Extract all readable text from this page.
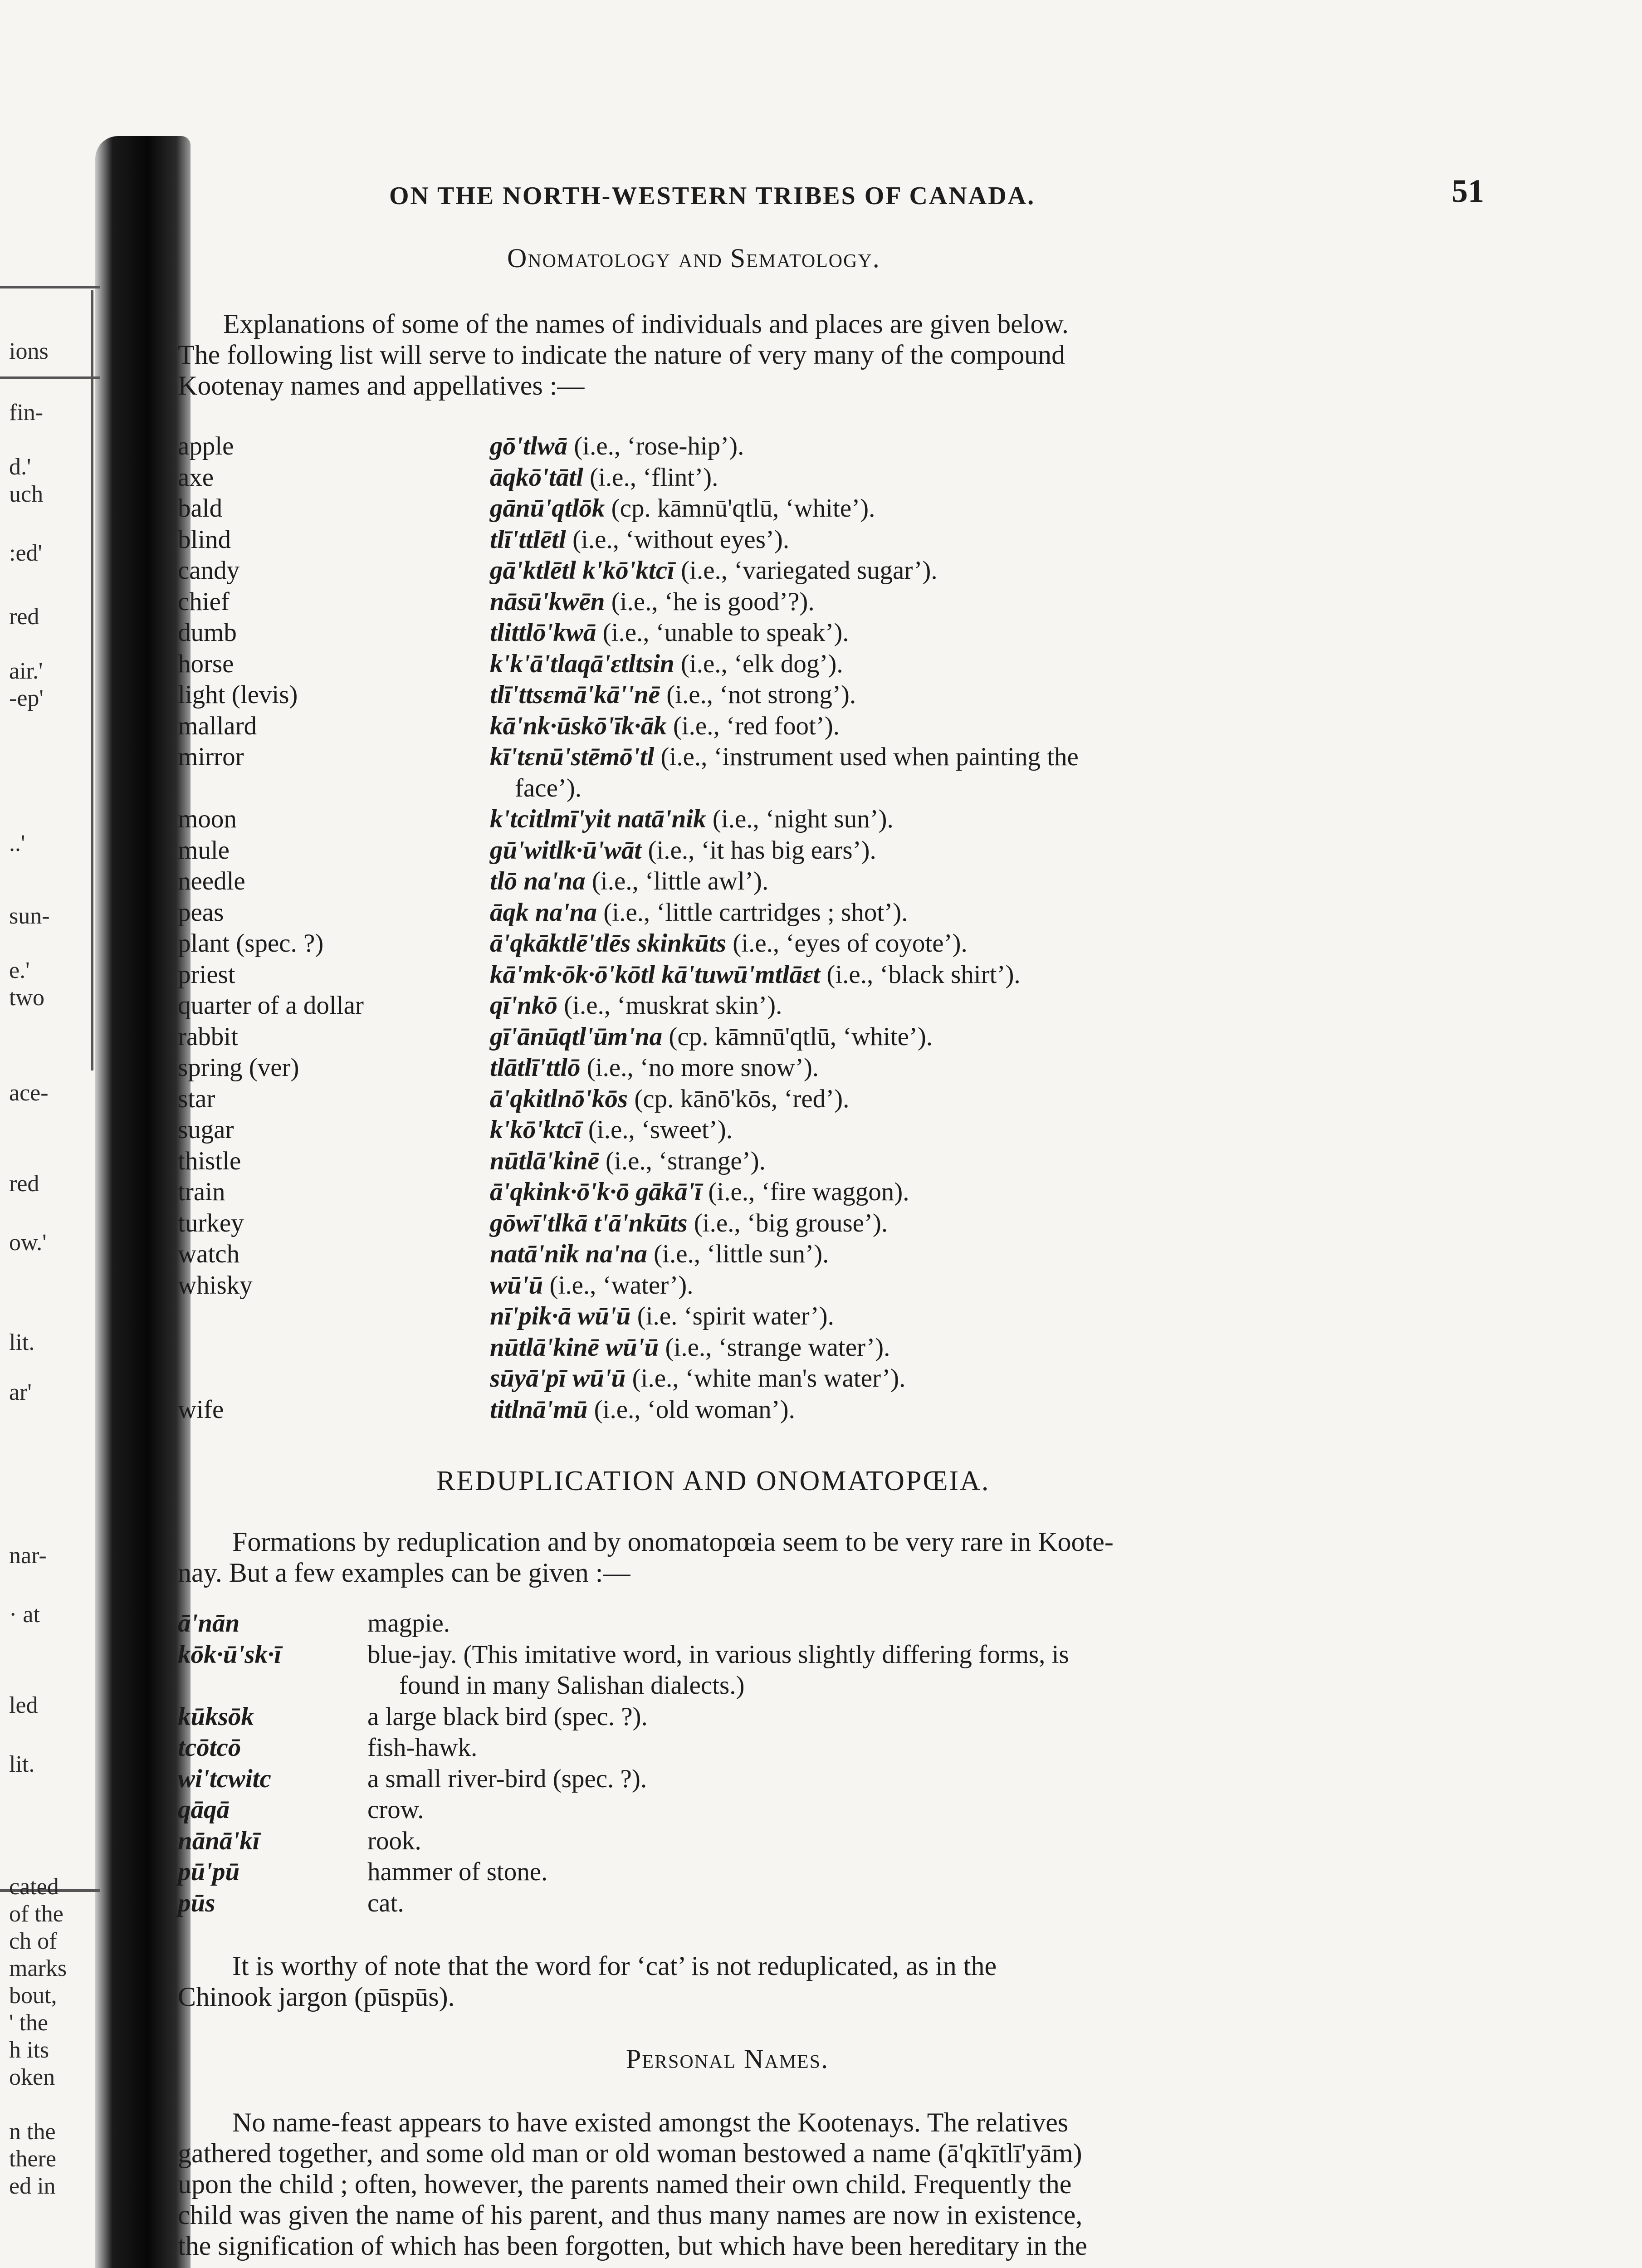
ions
fin-
d.'
uch
:ed'
red
air.'
-ep'
..'
sun-
e.'
two
ace-
red
ow.'
lit.
ar'
nar-
· at
led
lit.
cated
of the
ch of
marks
bout,
' the
h its
oken
n the
there
ed in
ON THE NORTH-WESTERN TRIBES OF CANADA.	51
Onomatology and Sematology.
Explanations of some of the names of individuals and places are given below.
The following list will serve to indicate the nature of very many of the compound
Kootenay names and appellatives :—
apple	gō'tlwā (i.e., ‘rose-hip’).
axe	āqkō'tātl (i.e., ‘flint’).
bald	gānū'qtlōk (cp. kāmnū'qtlū, ‘white’).
blind	tlī'ttlētl (i.e., ‘without eyes’).
candy	gā'ktlētl k'kō'ktcī (i.e., ‘variegated sugar’).
chief	nāsū'kwēn (i.e., ‘he is good’?).
dumb	tlittlō'kwā (i.e., ‘unable to speak’).
horse	k'k'ā'tlaqā'ɛtltsin (i.e., ‘elk dog’).
light (levis)	tlī'ttsɛmā'kā''nē (i.e., ‘not strong’).
mallard	kā'nk·ūskō'īk·āk (i.e., ‘red foot’).
mirror	kī'tɛnū'stēmō'tl (i.e., ‘instrument used when painting the
face’).
moon	k'tcitlmī'yit natā'nik (i.e., ‘night sun’).
mule	gū'witlk·ū'wāt (i.e., ‘it has big ears’).
needle	tlō na'na (i.e., ‘little awl’).
peas	āqk na'na (i.e., ‘little cartridges ; shot’).
plant (spec. ?)	ā'qkāktlē'tlēs skinkūts (i.e., ‘eyes of coyote’).
priest	kā'mk·ōk·ō'kōtl kā'tuwū'mtlāɛt (i.e., ‘black shirt’).
quarter of a dollar	qī'nkō (i.e., ‘muskrat skin’).
rabbit	gī'ānūqtl'ūm'na (cp. kāmnū'qtlū, ‘white’).
spring (ver)	tlātlī'ttlō (i.e., ‘no more snow’).
star	ā'qkitlnō'kōs (cp. kānō'kōs, ‘red’).
sugar	k'kō'ktcī (i.e., ‘sweet’).
thistle	nūtlā'kinē (i.e., ‘strange’).
train	ā'qkink·ō'k·ō gākā'ī (i.e., ‘fire waggon).
turkey	gōwī'tlkā t'ā'nkūts (i.e., ‘big grouse’).
watch	natā'nik na'na (i.e., ‘little sun’).
whisky	wū'ū (i.e., ‘water’).
nī'pik·ā wū'ū (i.e. ‘spirit water’).
nūtlā'kinē wū'ū (i.e., ‘strange water’).
sūyā'pī wū'ū (i.e., ‘white man's water’).
wife	titlnā'mū (i.e., ‘old woman’).
REDUPLICATION AND ONOMATOPŒIA.
Formations by reduplication and by onomatopœia seem to be very rare in Koote-
nay. But a few examples can be given :—
ā'nān	magpie.
kōk·ū'sk·ī	blue-jay. (This imitative word, in various slightly differing forms, is
found in many Salishan dialects.)
kūksōk	a large black bird (spec. ?).
tcōtcō	fish-hawk.
wi'tcwitc	a small river-bird (spec. ?).
qāqā	crow.
nānā'kī	rook.
pū'pū	hammer of stone.
pūs	cat.
It is worthy of note that the word for ‘cat’ is not reduplicated, as in the
Chinook jargon (pūspūs).
Personal Names.
No name-feast appears to have existed amongst the Kootenays. The relatives
gathered together, and some old man or old woman bestowed a name (ā'qkītlī'yām)
upon the child ; often, however, the parents named their own child. Frequently the
child was given the name of his parent, and thus many names are now in existence,
the signification of which has been forgotten, but which have been hereditary in the
